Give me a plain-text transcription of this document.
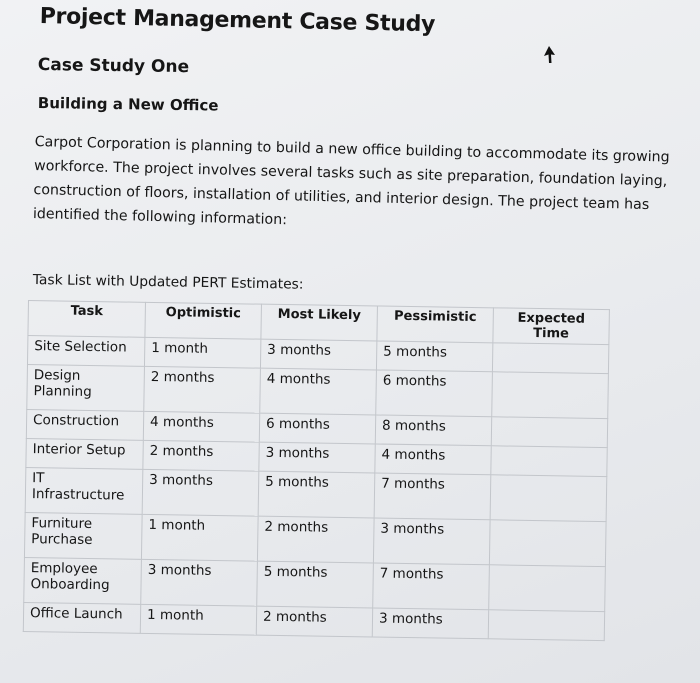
Project Management Case Study
Case Study One
Building a New Office
Carpot Corporation is planning to build a new office building to accommodate its growing workforce. The project involves several tasks such as site preparation, foundation laying, construction of floors, installation of utilities, and interior design. The project team has identified the following information:
Task List with Updated PERT Estimates:
Task	Optimistic	Most Likely	Pessimistic	Expected Time
Site Selection	1 month	3 months	5 months	
Design Planning	2 months	4 months	6 months	
Construction	4 months	6 months	8 months	
Interior Setup	2 months	3 months	4 months	
IT Infrastructure	3 months	5 months	7 months	
Furniture Purchase	1 month	2 months	3 months	
Employee Onboarding	3 months	5 months	7 months	
Office Launch	1 month	2 months	3 months	
